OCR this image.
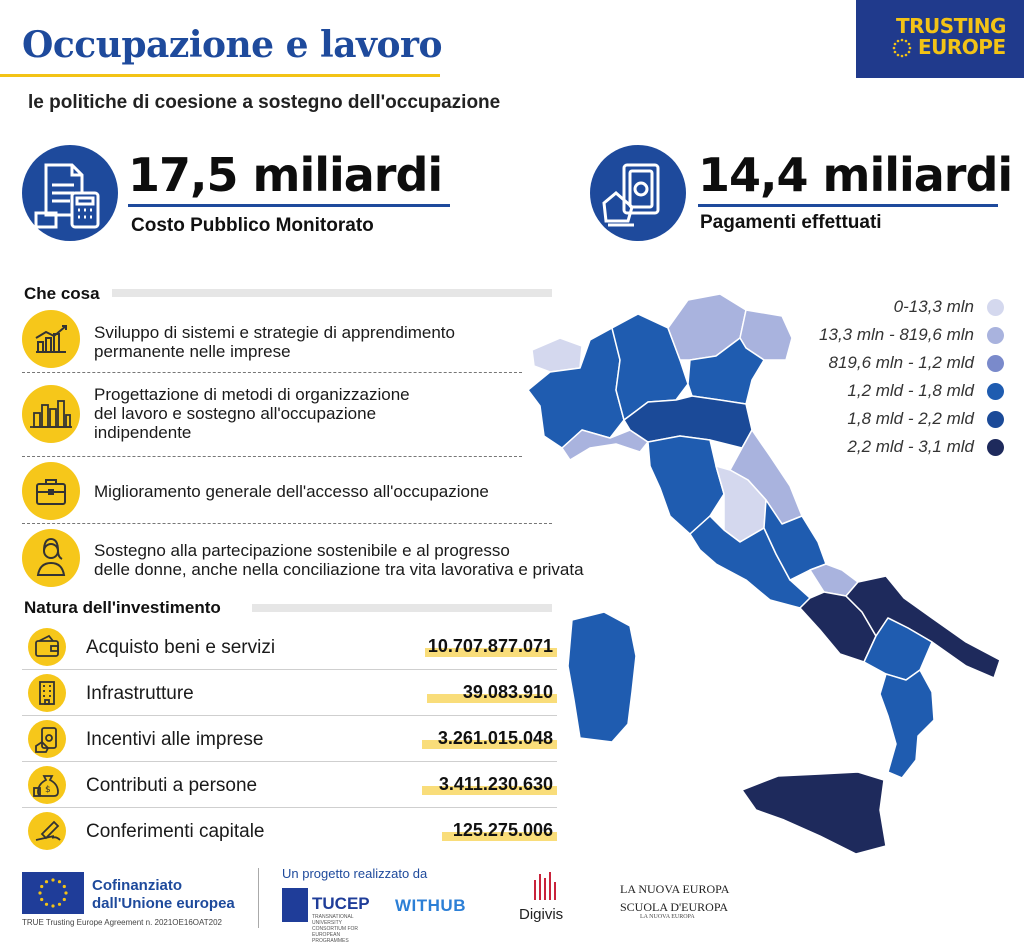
Occupazione e lavoro
le politiche di coesione a sostegno dell'occupazione
TRUSTING
EUROPE
17,5 miliardi
Costo Pubblico Monitorato
14,4 miliardi
Pagamenti effettuati
Che cosa
Sviluppo di sistemi e strategie di apprendimento
permanente nelle imprese
Progettazione di metodi di organizzazione
del lavoro e sostegno all'occupazione
indipendente
Miglioramento generale dell'accesso all'occupazione
Sostegno alla partecipazione sostenibile e al progresso
delle donne, anche nella conciliazione tra vita lavorativa e privata
Natura dell'investimento
Acquisto beni e servizi	10.707.877.071
Infrastrutture	39.083.910
Incentivi alle imprese	3.261.015.048
$ Contributi a persone	3.411.230.630
Conferimenti capitale	125.275.006
0-13,3 mln
13,3 mln - 819,6 mln
819,6 mln - 1,2 mld
1,2 mld - 1,8 mld
1,8 mld - 2,2 mld
2,2 mld - 3,1 mld
Cofinanziato
dall'Unione europea
TRUE Trusting Europe Agreement n. 2021OE16OAT202
Un progetto realizzato da
TUCEP
TRANSNATIONAL UNIVERSITY CONSORTIUM FOR EUROPEAN PROGRAMMES
WITHUB	Digivis
LA NUOVA EUROPA
SCUOLA D'EUROPA
LA NUOVA EUROPA
